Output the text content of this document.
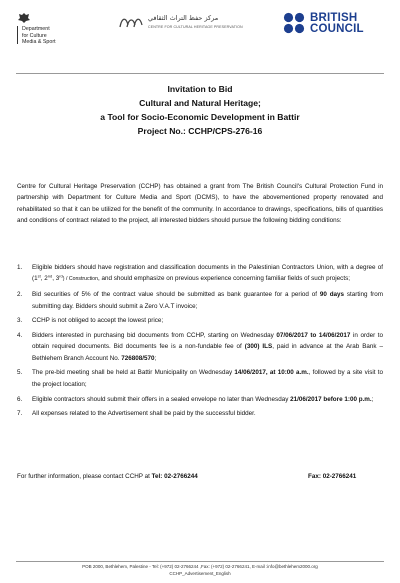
Department
for Culture
Media & Sport
مركز حفظ التراث الثقافي
CENTRE FOR CULTURAL HERITAGE PRESERVATION
BRITISH
COUNCIL
Invitation to Bid
Cultural and Natural Heritage;
a Tool for Socio-Economic Development in Battir
Project No.: CCHP/CPS-276-16
Centre for Cultural Heritage Preservation (CCHP) has obtained a grant from The British Council's Cultural Protection Fund in partnership with Department for Culture Media and Sport (DCMS), to have the abovementioned property renovated and rehabilitated so that it can be utilized for the benefit of the community. In accordance to drawings, specifications, bills of quantities and conditions of contract related to the project, all interested bidders should pursue the following bidding conditions:
1. Eligible bidders should have registration and classification documents in the Palestinian Contractors Union, with a degree of (1st, 2nd, 3rd) / Construction, and should emphasize on previous experience concerning familiar fields of such projects;
2. Bid securities of 5% of the contract value should be submitted as bank guarantee for a period of 90 days starting from submitting day. Bidders should submit a Zero V.A.T invoice;
3. CCHP is not obliged to accept the lowest price;
4. Bidders interested in purchasing bid documents from CCHP, starting on Wednesday 07/06/2017 to 14/06/2017 in order to obtain required documents. Bid documents fee is a non-fundable fee of (300) ILS, paid in advance at the Arab Bank – Bethlehem Branch Account No. 726808/570;
5. The pre-bid meeting shall be held at Battir Municipality on Wednesday 14/06/2017, at 10:00 a.m., followed by a site visit to the project location;
6. Eligible contractors should submit their offers in a sealed envelope no later than Wednesday 21/06/2017 before 1:00 p.m.;
7. All expenses related to the Advertisement shall be paid by the successful bidder.
For further information, please contact CCHP at Tel: 02-2766244	Fax: 02-2766241
POB 2000, Bethlehem, Palestine - Tel: (+972) 02-2766244 ,Fax: (+972) 02-2766241, E-mail :info@bethlehem2000.org
CCHP_Advertisement_English
